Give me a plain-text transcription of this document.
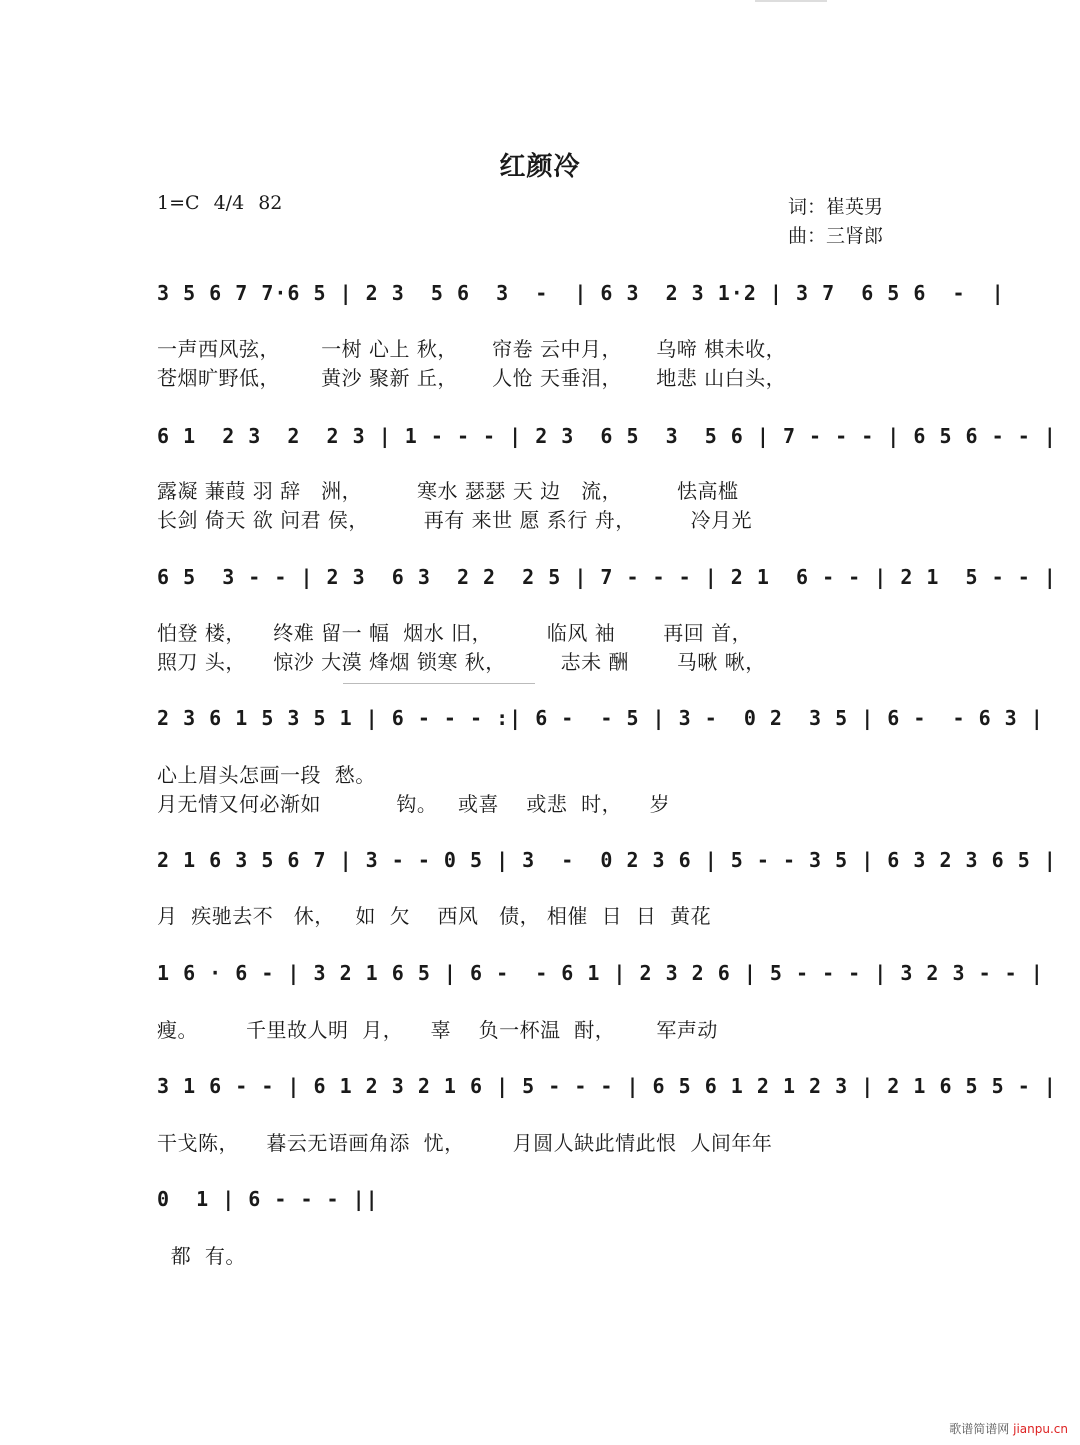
红颜冷
1=C 4/4 82	词：崔英男
曲：三肾郎
3 5 6 7 7·6 5 | 2 3  5 6  3  -  | 6 3  2 3 1·2 | 3 7  6 5 6  -  |
一声西风弦，      一树 心上 秋，     帘卷 云中月，     乌啼 棋未收，
苍烟旷野低，      黄沙 聚新 丘，     人怆 天垂泪，     地悲 山白头，
6 1  2 3  2  2 3 | 1 - - - | 2 3  6 5  3  5 6 | 7 - - - | 6 5 6 - - |
露凝 蒹葭 羽 辞   洲，        寒水 瑟瑟 天 边   流，        怯高槛
长剑 倚天 欲 问君 侯，        再有 来世 愿 系行 舟，        冷月光
6 5  3 - - | 2 3  6 3  2 2  2 5 | 7 - - - | 2 1  6 - - | 2 1  5 - - |
怕登 楼，    终难 留一 幅  烟水 旧，        临风 袖       再回 首，
照刀 头，    惊沙 大漠 烽烟 锁寒 秋，        志未 酬       马啾 啾，
2 3 6 1 5 3 5 1 | 6 - - - :| 6 -  - 5 | 3 -  0 2  3 5 | 6 -  - 6 3 |
心上眉头怎画一段  愁。
月无情又何必渐如           钩。   或喜    或悲  时，    岁
2 1 6 3 5 6 7 | 3 - - 0 5 | 3  -  0 2 3 6 | 5 - - 3 5 | 6 3 2 3 6 5 |
月  疾驰去不   休，   如  欠    西风   债， 相催  日  日  黄花
1 6 · 6 - | 3 2 1 6 5 | 6 -  - 6 1 | 2 3 2 6 | 5 - - - | 3 2 3 - - |
瘦。       千里故人明  月，    辜    负一杯温  酎，      军声动
3 1 6 - - | 6 1 2 3 2 1 6 | 5 - - - | 6 5 6 1 2 1 2 3 | 2 1 6 5 5 - |
干戈陈，    暮云无语画角添  忧，       月圆人缺此情此恨  人间年年
0  1 | 6 - - - ||
都  有。
歌谱简谱网 jianpu.cn
